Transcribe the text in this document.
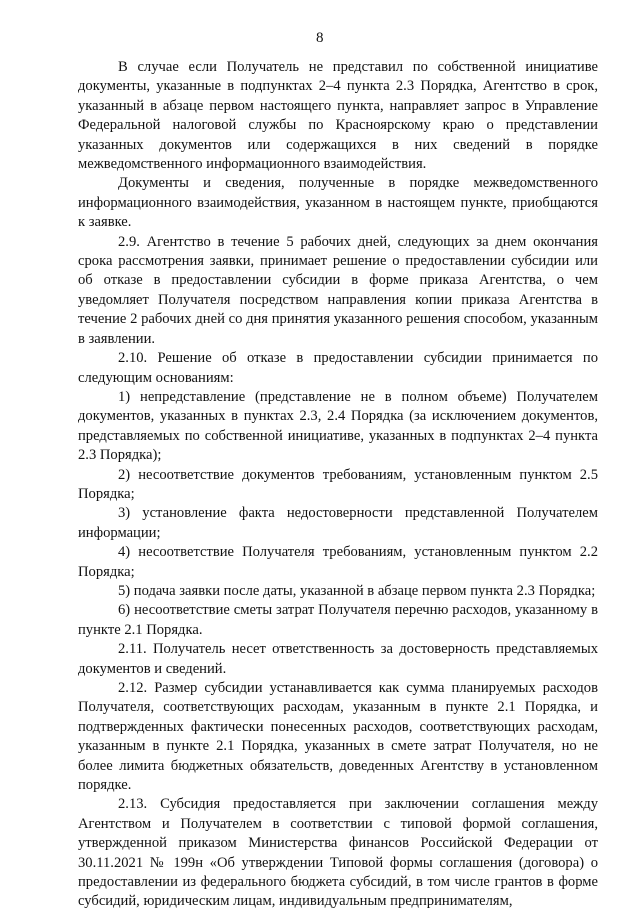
8

В случае если Получатель не представил по собственной инициативе документы, указанные в подпунктах 2–4 пункта 2.3 Порядка, Агентство в срок, указанный в абзаце первом настоящего пункта, направляет запрос в Управление Федеральной налоговой службы по Красноярскому краю о представлении указанных документов или содержащихся в них сведений в порядке межведомственного информационного взаимодействия.

Документы и сведения, полученные в порядке межведомственного информационного взаимодействия, указанном в настоящем пункте, приобщаются к заявке.

2.9. Агентство в течение 5 рабочих дней, следующих за днем окончания срока рассмотрения заявки, принимает решение о предоставлении субсидии или об отказе в предоставлении субсидии в форме приказа Агентства, о чем уведомляет Получателя посредством направления копии приказа Агентства в течение 2 рабочих дней со дня принятия указанного решения способом, указанным в заявлении.

2.10. Решение об отказе в предоставлении субсидии принимается по следующим основаниям:

1) непредставление (представление не в полном объеме) Получателем документов, указанных в пунктах 2.3, 2.4 Порядка (за исключением документов, представляемых по собственной инициативе, указанных в подпунктах 2–4 пункта 2.3 Порядка);

2) несоответствие документов требованиям, установленным пунктом 2.5 Порядка;

3) установление факта недостоверности представленной Получателем информации;

4) несоответствие Получателя требованиям, установленным пунктом 2.2 Порядка;

5) подача заявки после даты, указанной в абзаце первом пункта 2.3 Порядка;

6) несоответствие сметы затрат Получателя перечню расходов, указанному в пункте 2.1 Порядка.

2.11. Получатель несет ответственность за достоверность представляемых документов и сведений.

2.12. Размер субсидии устанавливается как сумма планируемых расходов Получателя, соответствующих расходам, указанным в пункте 2.1 Порядка, и подтвержденных фактически понесенных расходов, соответствующих расходам, указанным в пункте 2.1 Порядка, указанных в смете затрат Получателя, но не более лимита бюджетных обязательств, доведенных Агентству в установленном порядке.

2.13. Субсидия предоставляется при заключении соглашения между Агентством и Получателем в соответствии с типовой формой соглашения, утвержденной приказом Министерства финансов Российской Федерации от 30.11.2021 № 199н «Об утверждении Типовой формы соглашения (договора) о предоставлении из федерального бюджета субсидий, в том числе грантов в форме субсидий, юридическим лицам, индивидуальным предпринимателям,
